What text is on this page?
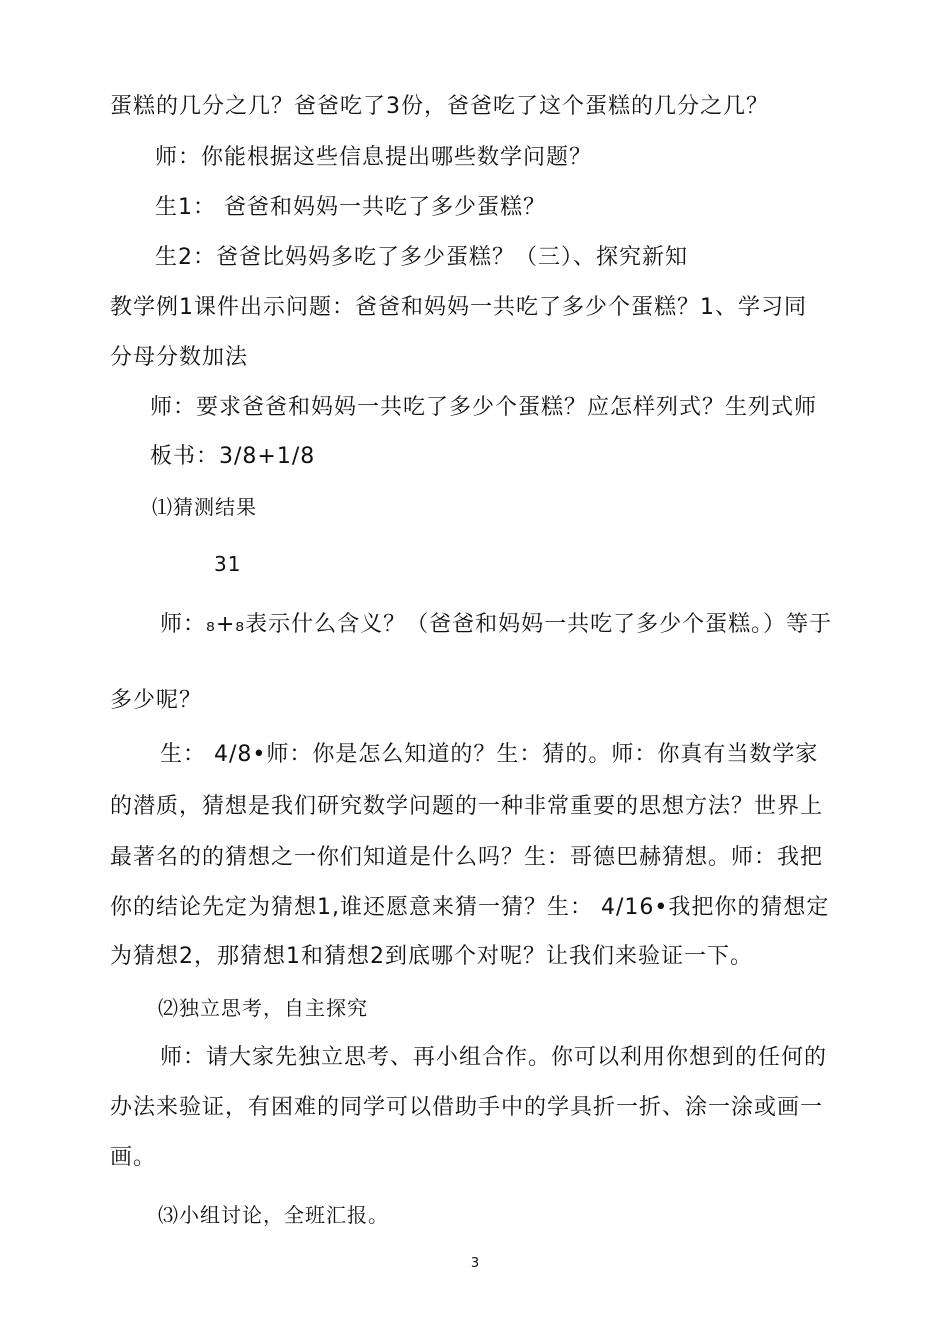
蛋糕的几分之几？爸爸吃了3份，爸爸吃了这个蛋糕的几分之几？
师：你能根据这些信息提出哪些数学问题？
生1： 爸爸和妈妈一共吃了多少蛋糕？
生2：爸爸比妈妈多吃了多少蛋糕？（三）、探究新知
教学例1课件出示问题：爸爸和妈妈一共吃了多少个蛋糕？1、学习同
分母分数加法
师：要求爸爸和妈妈一共吃了多少个蛋糕？应怎样列式？生列式师
板书：3/8+1/8
⑴猜测结果
31
师：₈+₈表示什么含义？（爸爸和妈妈一共吃了多少个蛋糕。）等于
多少呢？
生： 4/8•师：你是怎么知道的？生：猜的。师：你真有当数学家
的潜质，猜想是我们研究数学问题的一种非常重要的思想方法？世界上
最著名的的猜想之一你们知道是什么吗？生：哥德巴赫猜想。师：我把
你的结论先定为猜想1,谁还愿意来猜一猜？生： 4/16•我把你的猜想定
为猜想2，那猜想1和猜想2到底哪个对呢？让我们来验证一下。
⑵独立思考，自主探究
师：请大家先独立思考、再小组合作。你可以利用你想到的任何的
办法来验证，有困难的同学可以借助手中的学具折一折、涂一涂或画一
画。
⑶小组讨论，全班汇报。
3
